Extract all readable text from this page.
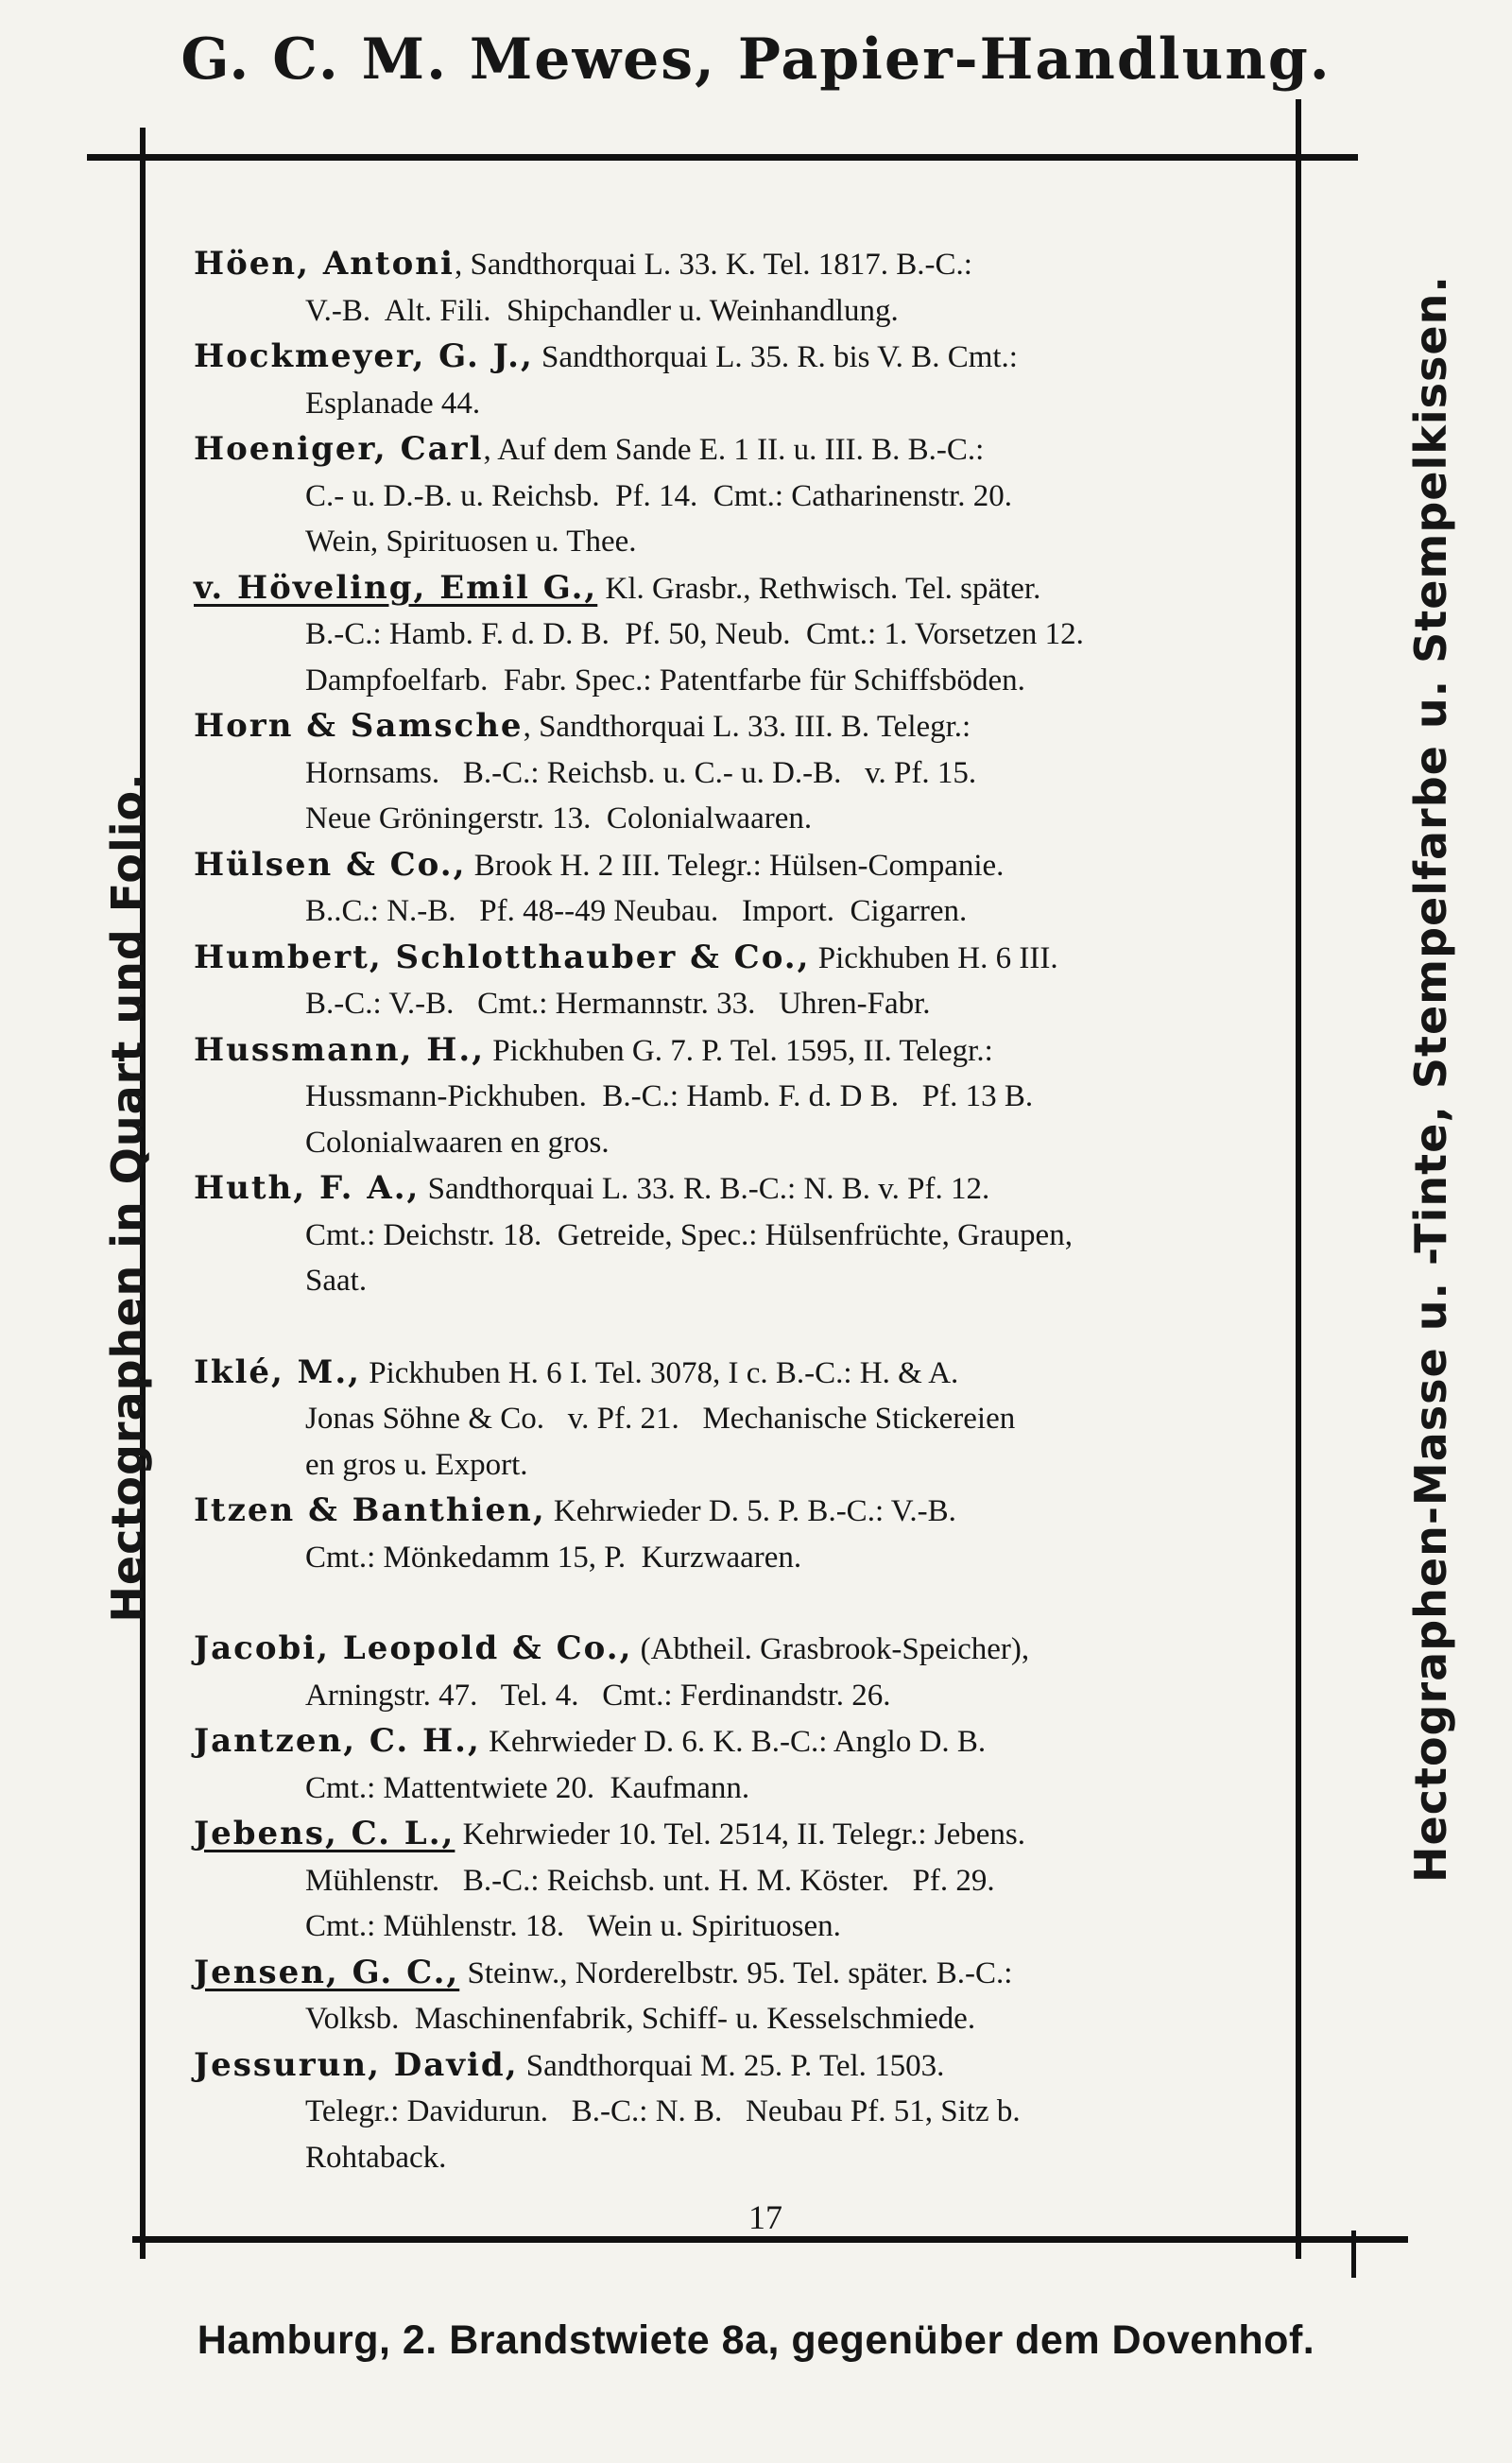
G. C. M. Mewes, Papier-Handlung.
Hectographen in Quart und Folio.	Hectographen-Masse u. -Tinte, Stempelfarbe u. Stempelkissen.
Höen, Antoni, Sandthorquai L. 33. K. Tel. 1817. B.-C.:
V.-B.  Alt. Fili.  Shipchandler u. Weinhandlung.
Hockmeyer, G. J., Sandthorquai L. 35. R. bis V. B. Cmt.:
Esplanade 44.
Hoeniger, Carl, Auf dem Sande E. 1 II. u. III. B. B.-C.:
C.- u. D.-B. u. Reichsb.  Pf. 14.  Cmt.: Catharinenstr. 20.
Wein, Spirituosen u. Thee.
v. Höveling, Emil G., Kl. Grasbr., Rethwisch. Tel. später.
B.-C.: Hamb. F. d. D. B.  Pf. 50, Neub.  Cmt.: 1. Vorsetzen 12.
Dampfoelfarb.  Fabr. Spec.: Patentfarbe für Schiffsböden.
Horn & Samsche, Sandthorquai L. 33. III. B. Telegr.:
Hornsams.   B.-C.: Reichsb. u. C.- u. D.-B.   v. Pf. 15.
Neue Gröningerstr. 13.  Colonialwaaren.
Hülsen & Co., Brook H. 2 III. Telegr.: Hülsen-Companie.
B..C.: N.-B.   Pf. 48--49 Neubau.   Import.  Cigarren.
Humbert, Schlotthauber & Co., Pickhuben H. 6 III.
B.-C.: V.-B.   Cmt.: Hermannstr. 33.   Uhren-Fabr.
Hussmann, H., Pickhuben G. 7. P. Tel. 1595, II. Telegr.:
Hussmann-Pickhuben.  B.-C.: Hamb. F. d. D B.   Pf. 13 B.
Colonialwaaren en gros.
Huth, F. A., Sandthorquai L. 33. R. B.-C.: N. B. v. Pf. 12.
Cmt.: Deichstr. 18.  Getreide, Spec.: Hülsenfrüchte, Graupen,
Saat.
Iklé, M., Pickhuben H. 6 I. Tel. 3078, I c. B.-C.: H. & A.
Jonas Söhne & Co.   v. Pf. 21.   Mechanische Stickereien
en gros u. Export.
Itzen & Banthien, Kehrwieder D. 5. P. B.-C.: V.-B.
Cmt.: Mönkedamm 15, P.  Kurzwaaren.
Jacobi, Leopold & Co., (Abtheil. Grasbrook-Speicher),
Arningstr. 47.   Tel. 4.   Cmt.: Ferdinandstr. 26.
Jantzen, C. H., Kehrwieder D. 6. K. B.-C.: Anglo D. B.
Cmt.: Mattentwiete 20.  Kaufmann.
Jebens, C. L., Kehrwieder 10. Tel. 2514, II. Telegr.: Jebens.
Mühlenstr.   B.-C.: Reichsb. unt. H. M. Köster.   Pf. 29.
Cmt.: Mühlenstr. 18.   Wein u. Spirituosen.
Jensen, G. C., Steinw., Norderelbstr. 95. Tel. später. B.-C.:
Volksb.  Maschinenfabrik, Schiff- u. Kesselschmiede.
Jessurun, David, Sandthorquai M. 25. P. Tel. 1503.
Telegr.: Davidurun.   B.-C.: N. B.   Neubau Pf. 51, Sitz b.
Rohtaback.
17
Hamburg, 2. Brandstwiete 8a, gegenüber dem Dovenhof.
